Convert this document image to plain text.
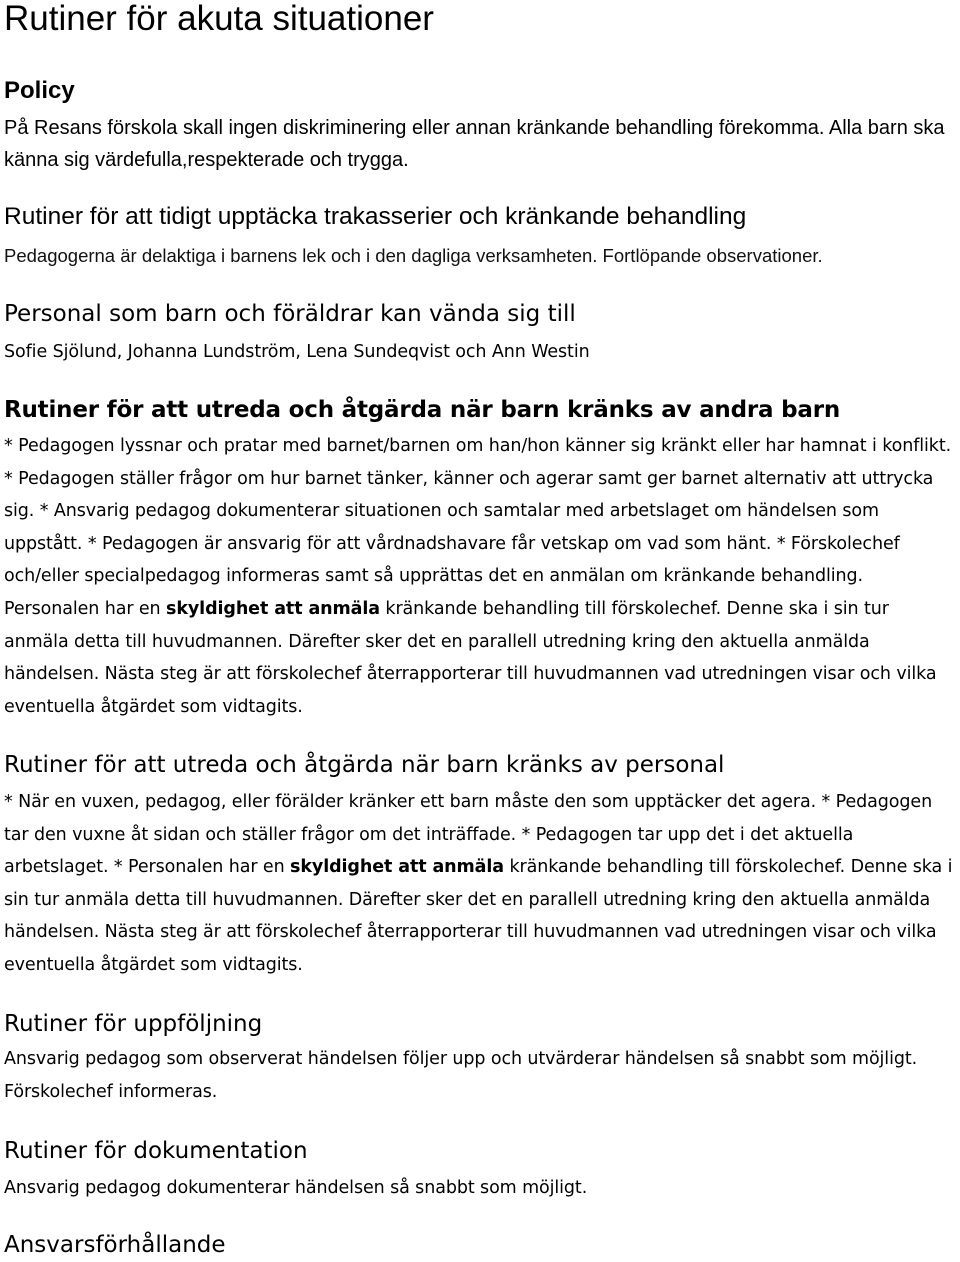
Rutiner för akuta situationer
Policy

På Resans förskola skall ingen diskriminering eller annan kränkande behandling förekomma. Alla barn ska känna sig värdefulla,respekterade och trygga.

Rutiner för att tidigt upptäcka trakasserier och kränkande behandling

Pedagogerna är delaktiga i barnens lek och i den dagliga verksamheten. Fortlöpande observationer.

Personal som barn och föräldrar kan vända sig till

Sofie Sjölund, Johanna Lundström, Lena Sundeqvist och Ann Westin

Rutiner för att utreda och åtgärda när barn kränks av andra barn

* Pedagogen lyssnar och pratar med barnet/barnen om han/hon känner sig kränkt eller har hamnat i konflikt. * Pedagogen ställer frågor om hur barnet tänker, känner och agerar samt ger barnet alternativ att uttrycka sig. * Ansvarig pedagog dokumenterar situationen och samtalar med arbetslaget om händelsen som uppstått. * Pedagogen är ansvarig för att vårdnadshavare får vetskap om vad som hänt. * Förskolechef och/eller specialpedagog informeras samt så upprättas det en anmälan om kränkande behandling. Personalen har en skyldighet att anmäla kränkande behandling till förskolechef. Denne ska i sin tur anmäla detta till huvudmannen. Därefter sker det en parallell utredning kring den aktuella anmälda händelsen. Nästa steg är att förskolechef återrapporterar till huvudmannen vad utredningen visar och vilka eventuella åtgärdet som vidtagits.

Rutiner för att utreda och åtgärda när barn kränks av personal

* När en vuxen, pedagog, eller förälder kränker ett barn måste den som upptäcker det agera. * Pedagogen tar den vuxne åt sidan och ställer frågor om det inträffade. * Pedagogen tar upp det i det aktuella arbetslaget. * Personalen har en skyldighet att anmäla kränkande behandling till förskolechef. Denne ska i sin tur anmäla detta till huvudmannen. Därefter sker det en parallell utredning kring den aktuella anmälda händelsen. Nästa steg är att förskolechef återrapporterar till huvudmannen vad utredningen visar och vilka eventuella åtgärdet som vidtagits.

Rutiner för uppföljning

Ansvarig pedagog som observerat händelsen följer upp och utvärderar händelsen så snabbt som möjligt. Förskolechef informeras.

Rutiner för dokumentation

Ansvarig pedagog dokumenterar händelsen så snabbt som möjligt.

Ansvarsförhållande
